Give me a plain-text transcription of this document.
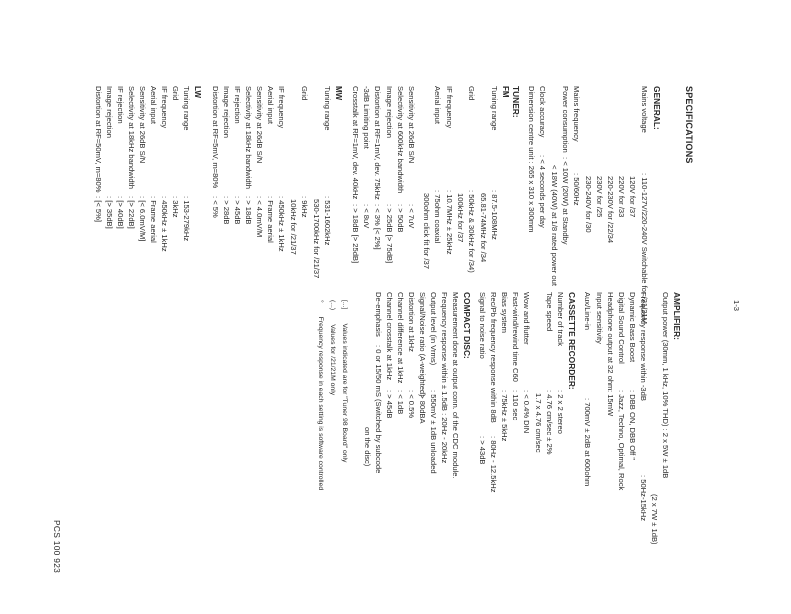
SPECIFICATIONS
1-3
GENERAL:
Mains voltage
: 110-127V/220-240V Switchable for /21/21M
120V for /37
220V for /33
220-230V for /22/34
230V for /25
230-240V for /30
Mains frequency
: 50/60Hz
Power consumption
: < 10W (20W) at Standby
< 18W (40W) at 1/8 rated power out
Clock accuracy
: < 4 seconds per day
Dimension centre unit : 265 x 310 x 300mm
TUNER:
FM
Tuning range
: 87.5-108MHz
65.81-74MHz for /34
Grid
: 50kHz & 30kHz for /34)
100kHz for /37
IF frequency
: 10.7MHz ± 25kHz
Aerial input
: 75ohm coaxial
300ohm click fit for /37
Sensitivity at 26dB S/N
: < 7uV
Selectivity at 600kHz bandwidth
: > 50dB
Image rejection
: > 25dB [> 75dB]
Distortion at RF=1mV, dev. 75kHz
: < 3% [< 2%]
-3dB Limiting point
: < 8uV
Crosstalk at RF=1mV, dev. 40kHz
: > 18dB [> 25dB]
MW
Tuning range
: 531-1602kHz
530-1700kHz for /21/37
Grid
: 9kHz
10kHz for /21/37
IF frequency
: 450kHz ± 1kHz
Aerial input
: Frame aerial
Sensitivity at 26dB S/N
: < 4.0mV/M
Selectivity at 18kHz bandwidth
: > 18dB
IF rejection
: > 45dB
Image rejection
: > 28dB
Distortion at RF=5mV, m=80%
: < 5%
LW
Tuning range
: 153-279kHz
Grid
: 3kHz
IF frequency
: 450kHz ± 1kHz
Aerial input
: Frame aerial
Sensitivity at 26dB S/N
: [< 6.0mV/M]
Selectivity at 18kHz bandwidth
: [> 22dB]
IF rejection
: [> 40dB]
Image rejection
: [> 35dB]
Distortion at RF=50mV, m=80%
: [< 5%]
AMPLIFIER:
Output power (30mm, 1 kHz, 10% THD) : 2 x 5W ± 1dB
(2 x 7W ± 1dB)
Frequency response within -3dB
: 50Hz-15kHz
Dynamic Bass Boost
: DBB ON, DBB Off "
Digital Sound Control
: Jazz, Techno, Optimal, Rock
Headphone output at 32 ohm
: 15mW
Input sensitivity
Aux/Line-in
: 700mV ± 2dB at 600ohm
CASSETTE RECORDER:
Number of track
: 2 x 2 stereo
Tape speed
: 4.76 cm/sec ± 2%
1.7 x 4.76 cm/sec
Wow and flutter
: < 0.4% DIN
Fast-wind/rewind time C60
: 110 sec
Bias system
: 75kHz ± 5kHz
Rec/Pb frequency response within 8dB
: 80Hz - 12.5kHz
Signal to noise ratio
: > 43dB
COMPACT DISC:
Measurement done at output conn. of the CDC module.
Frequency response within ± 1.5dB : 20Hz - 20kHz
Output level (in Vrms)
: 550mV ± 1dB unloaded
Signal/Noise ratio (A-weighted)
: > 80dBA
Distortion at 1kHz
: < 0.5%
Channel difference at 1kHz
: < 1dB
Channel crosstalk at 1kHz
: > 45dB
De-emphasis
: 0 or 15/50 mS (Switched by subcode
on the disc)
[...]Values indicated are for "Tuner 98 Board" only
(...)Values for /21/21M only
°Frequency response in each setting is software controlled
PCS 100 923
